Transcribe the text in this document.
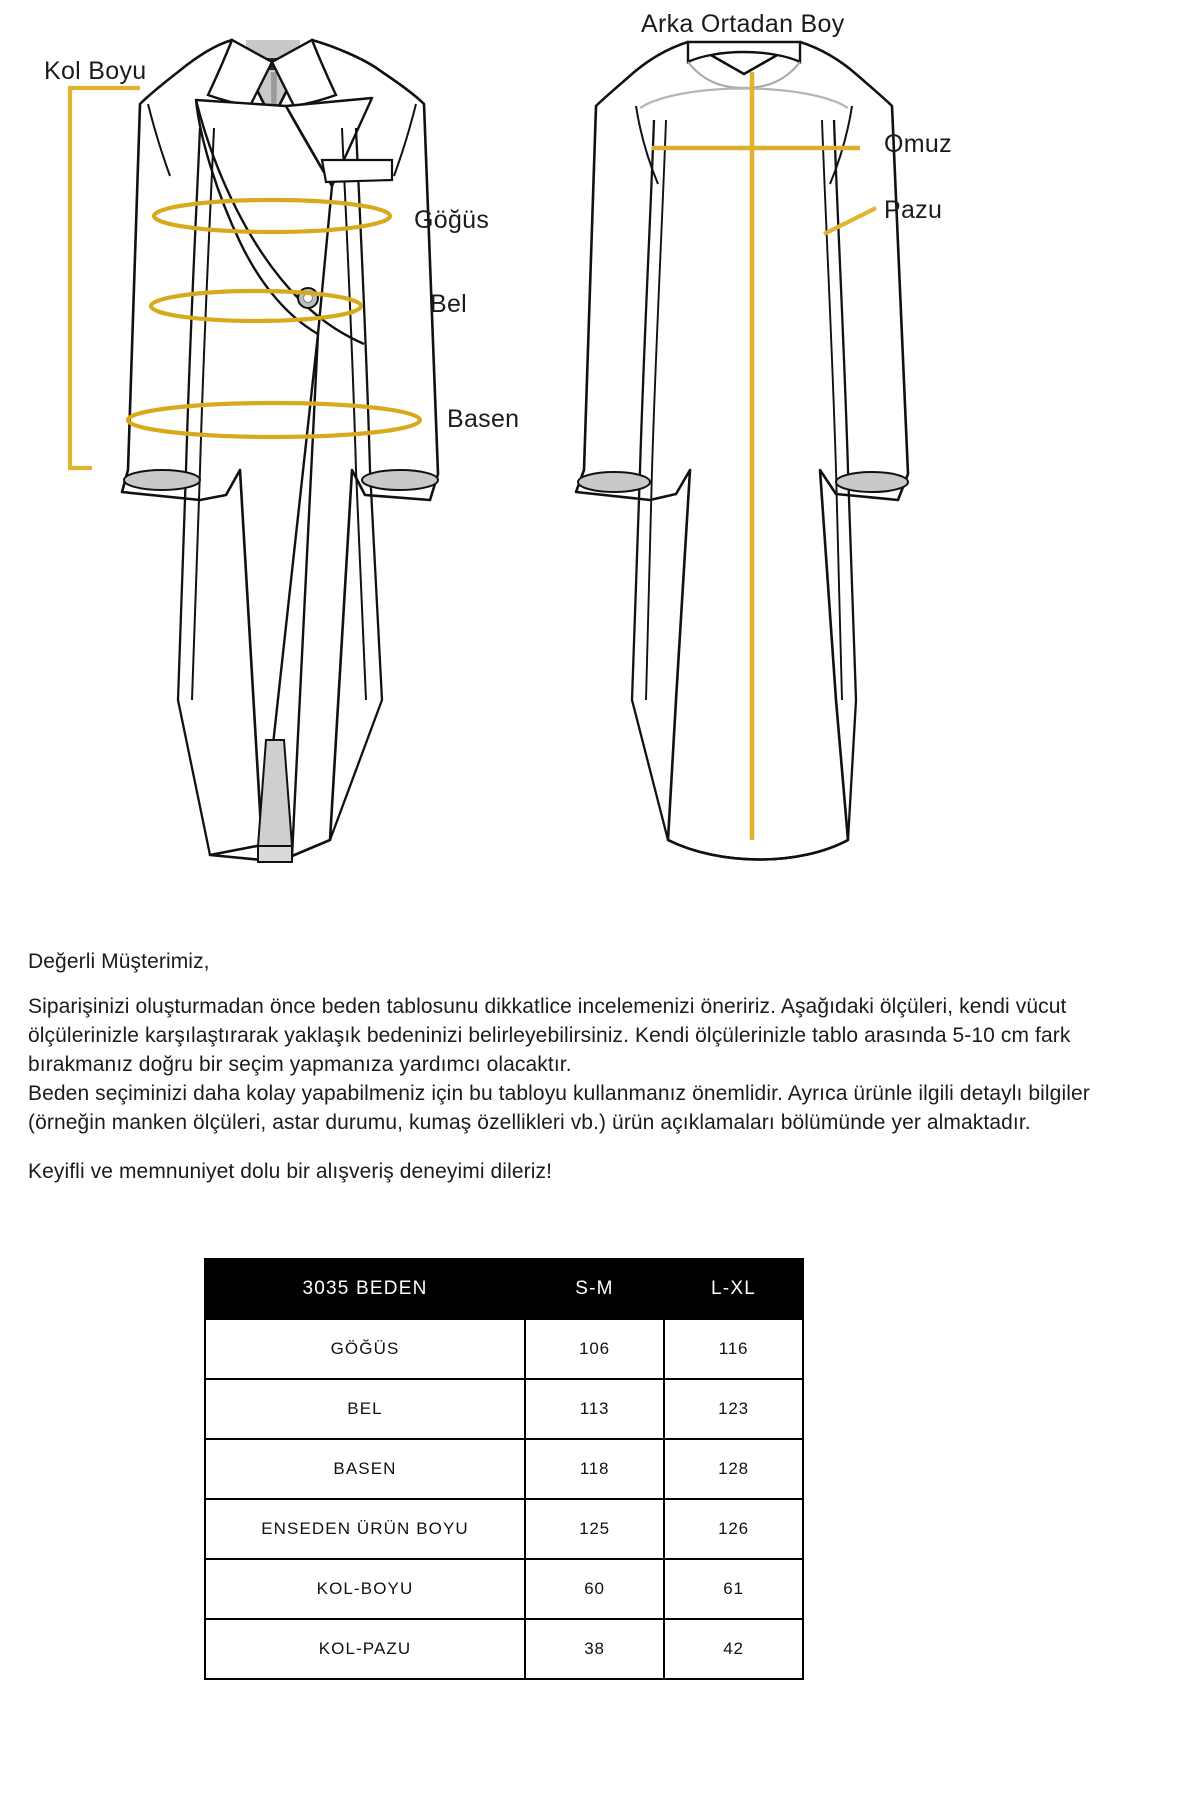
Kol Boyu
Göğüs
Bel
Basen
Arka Ortadan Boy
Omuz
Pazu

Değerli Müşterimiz,

Siparişinizi oluşturmadan önce beden tablosunu dikkatlice incelemenizi öneririz. Aşağıdaki ölçüleri, kendi vücut ölçülerinizle karşılaştırarak yaklaşık bedeninizi belirleyebilirsiniz. Kendi ölçülerinizle tablo arasında 5-10 cm fark bırakmanız doğru bir seçim yapmanıza yardımcı olacaktır.

Beden seçiminizi daha kolay yapabilmeniz için bu tabloyu kullanmanız önemlidir. Ayrıca ürünle ilgili detaylı bilgiler (örneğin manken ölçüleri, astar durumu, kumaş özellikleri vb.) ürün açıklamaları bölümünde yer almaktadır.

Keyifli ve memnuniyet dolu bir alışveriş deneyimi dileriz!

3035 BEDEN	S-M	L-XL
GÖĞÜS	106	116
BEL	113	123
BASEN	118	128
ENSEDEN ÜRÜN BOYU	125	126
KOL-BOYU	60	61
KOL-PAZU	38	42
